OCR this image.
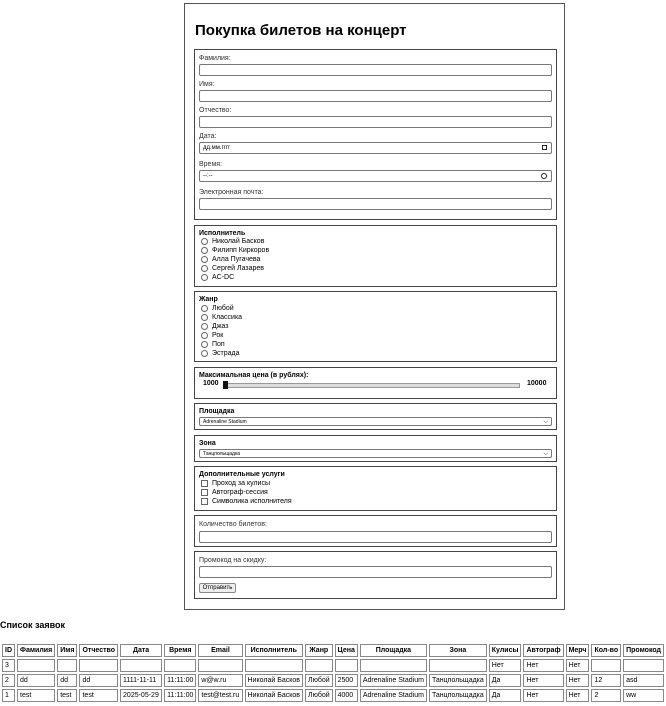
Покупка билетов на концерт
Фамилия:
Имя:
Отчество:
Дата:
дд.мм.гггг
Время:
--:--
Электронная почта:
Исполнитель
Николай Басков
Филипп Киркоров
Алла Пугачева
Сергей Лазарев
AC-DC
Жанр
Любой
Классика
Джаз
Рок
Поп
Эстрада
Максимальная цена (в рублях):
1000	10000
Площадка
Adrenaline Stadium	⌵
Зона
Танцпольщадка	⌵
Дополнительные услуги
Проход за кулисы
Автограф-сессия
Символика исполнителя
Количество билетов:
Промокод на скидку:
Отправить
Список заявок
ID	Фамилия	Имя	Отчество	Дата	Время	Email	Исполнитель	Жанр	Цена	Площадка	Зона	Кулисы	Автограф	Мерч	Кол-во	Промокод
3												Нет	Нет	Нет		
2	dd	dd	dd	1111-11-11	11:11:00	w@w.ru	Николай Басков	Любой	2500	Adrenaline Stadium	Танцпольщадка	Да	Нет	Нет	12	asd
1	test	test	test	2025-05-29	11:11:00	test@test.ru	Николай Басков	Любой	4000	Adrenaline Stadium	Танцпольщадка	Да	Нет	Нет	2	ww
